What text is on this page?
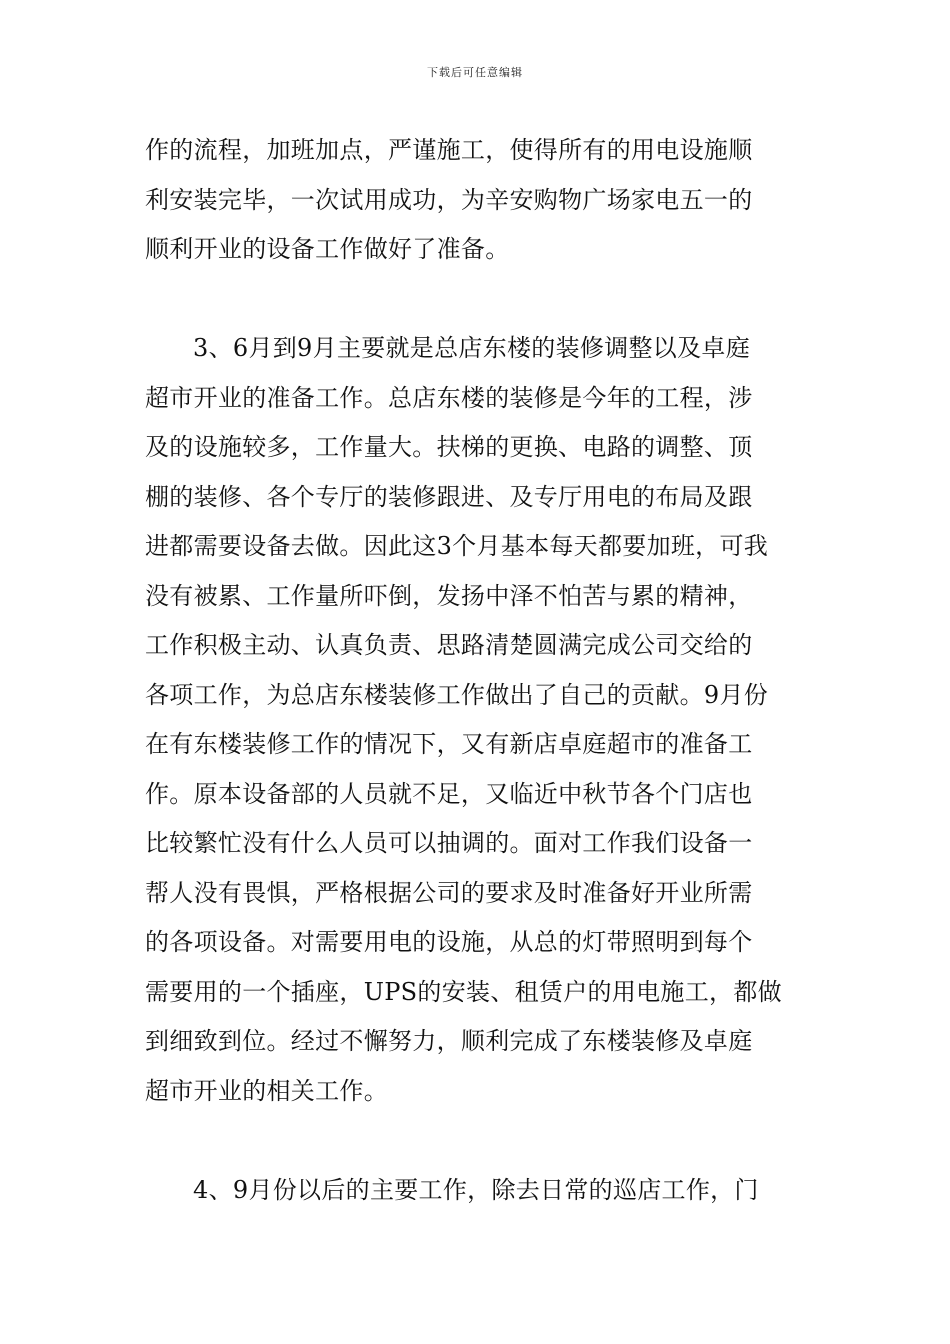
下载后可任意编辑
作的流程，加班加点，严谨施工，使得所有的用电设施顺
利安装完毕，一次试用成功，为辛安购物广场家电五一的
顺利开业的设备工作做好了准备。
3、6月到9月主要就是总店东楼的装修调整以及卓庭
超市开业的准备工作。总店东楼的装修是今年的工程，涉
及的设施较多，工作量大。扶梯的更换、电路的调整、顶
棚的装修、各个专厅的装修跟进、及专厅用电的布局及跟
进都需要设备去做。因此这3个月基本每天都要加班，可我
没有被累、工作量所吓倒，发扬中泽不怕苦与累的精神，
工作积极主动、认真负责、思路清楚圆满完成公司交给的
各项工作，为总店东楼装修工作做出了自己的贡献。9月份
在有东楼装修工作的情况下，又有新店卓庭超市的准备工
作。原本设备部的人员就不足，又临近中秋节各个门店也
比较繁忙没有什么人员可以抽调的。面对工作我们设备一
帮人没有畏惧，严格根据公司的要求及时准备好开业所需
的各项设备。对需要用电的设施，从总的灯带照明到每个
需要用的一个插座，UPS的安装、租赁户的用电施工，都做
到细致到位。经过不懈努力，顺利完成了东楼装修及卓庭
超市开业的相关工作。
4、9月份以后的主要工作，除去日常的巡店工作，门
